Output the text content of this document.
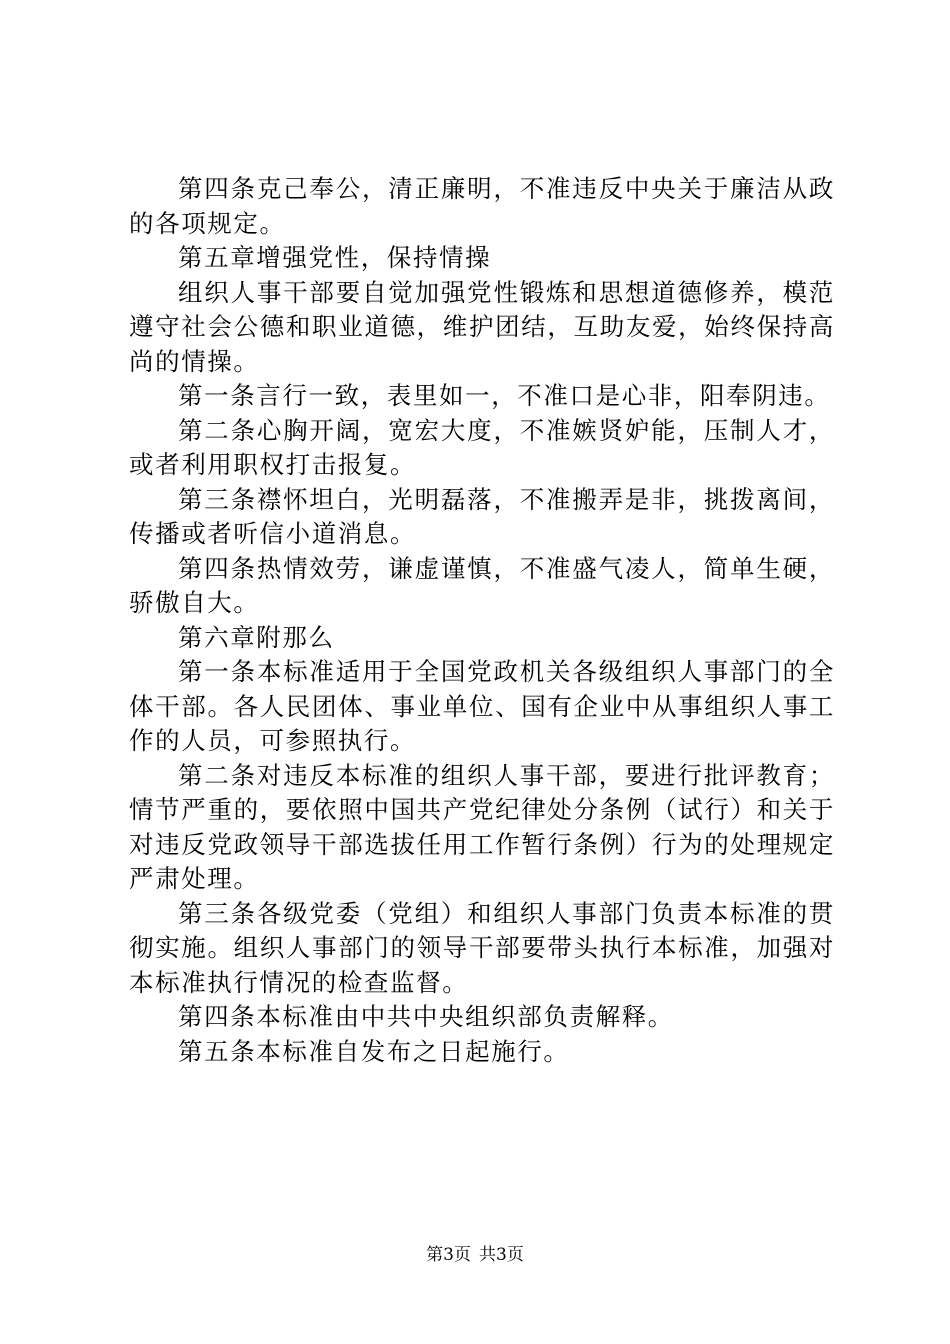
第四条克己奉公，清正廉明，不准违反中央关于廉洁从政的各项规定。

第五章增强党性，保持情操

组织人事干部要自觉加强党性锻炼和思想道德修养，模范遵守社会公德和职业道德，维护团结，互助友爱，始终保持高尚的情操。

第一条言行一致，表里如一，不准口是心非，阳奉阴违。

第二条心胸开阔，宽宏大度，不准嫉贤妒能，压制人才，或者利用职权打击报复。

第三条襟怀坦白，光明磊落，不准搬弄是非，挑拨离间，传播或者听信小道消息。

第四条热情效劳，谦虚谨慎，不准盛气凌人，简单生硬，骄傲自大。

第六章附那么

第一条本标准适用于全国党政机关各级组织人事部门的全体干部。各人民团体、事业单位、国有企业中从事组织人事工作的人员，可参照执行。

第二条对违反本标准的组织人事干部，要进行批评教育；情节严重的，要依照中国共产党纪律处分条例（试行）和关于对违反党政领导干部选拔任用工作暂行条例）行为的处理规定严肃处理。

第三条各级党委（党组）和组织人事部门负责本标准的贯彻实施。组织人事部门的领导干部要带头执行本标准，加强对本标准执行情况的检查监督。

第四条本标准由中共中央组织部负责解释。

第五条本标准自发布之日起施行。

第3页 共3页
